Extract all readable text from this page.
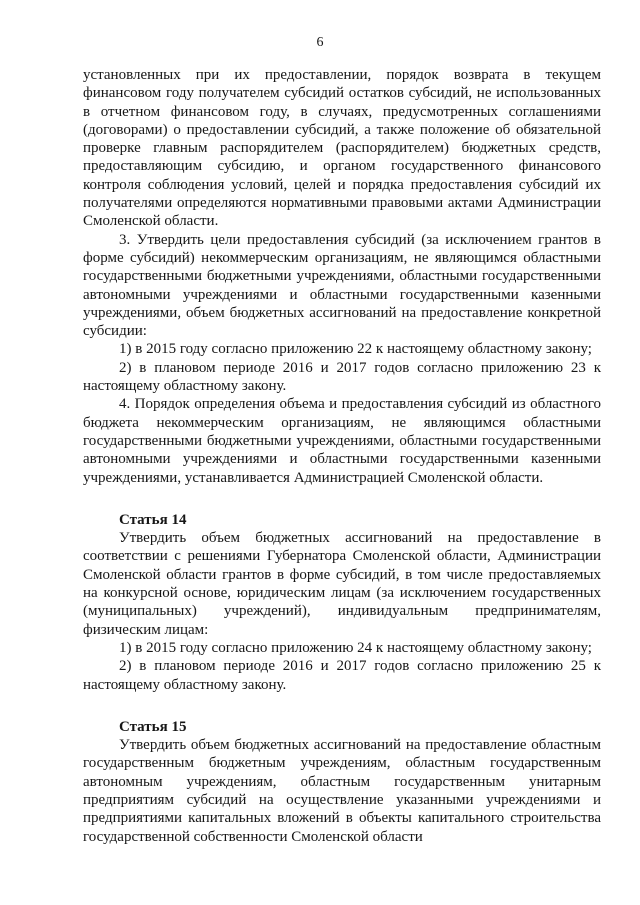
6

установленных при их предоставлении, порядок возврата в текущем финансовом году получателем субсидий остатков субсидий, не использованных в отчетном финансовом году, в случаях, предусмотренных соглашениями (договорами) о предоставлении субсидий, а также положение об обязательной проверке главным распорядителем (распорядителем) бюджетных средств, предоставляющим субсидию, и органом государственного финансового контроля соблюдения условий, целей и порядка предоставления субсидий их получателями определяются нормативными правовыми актами Администрации Смоленской области.

3. Утвердить цели предоставления субсидий (за исключением грантов в форме субсидий) некоммерческим организациям, не являющимся областными государственными бюджетными учреждениями, областными государственными автономными учреждениями и областными государственными казенными учреждениями, объем бюджетных ассигнований на предоставление конкретной субсидии:

1) в 2015 году согласно приложению 22 к настоящему областному закону;

2) в плановом периоде 2016 и 2017 годов согласно приложению 23 к настоящему областному закону.

4. Порядок определения объема и предоставления субсидий из областного бюджета некоммерческим организациям, не являющимся областными государственными бюджетными учреждениями, областными государственными автономными учреждениями и областными государственными казенными учреждениями, устанавливается Администрацией Смоленской области.

Статья 14

Утвердить объем бюджетных ассигнований на предоставление в соответствии с решениями Губернатора Смоленской области, Администрации Смоленской области грантов в форме субсидий, в том числе предоставляемых на конкурсной основе, юридическим лицам (за исключением государственных (муниципальных) учреждений), индивидуальным предпринимателям, физическим лицам:

1) в 2015 году согласно приложению 24 к настоящему областному закону;

2) в плановом периоде 2016 и 2017 годов согласно приложению 25 к настоящему областному закону.

Статья 15

Утвердить объем бюджетных ассигнований на предоставление областным государственным бюджетным учреждениям, областным государственным автономным учреждениям, областным государственным унитарным предприятиям субсидий на осуществление указанными учреждениями и предприятиями капитальных вложений в объекты капитального строительства государственной собственности Смоленской области
